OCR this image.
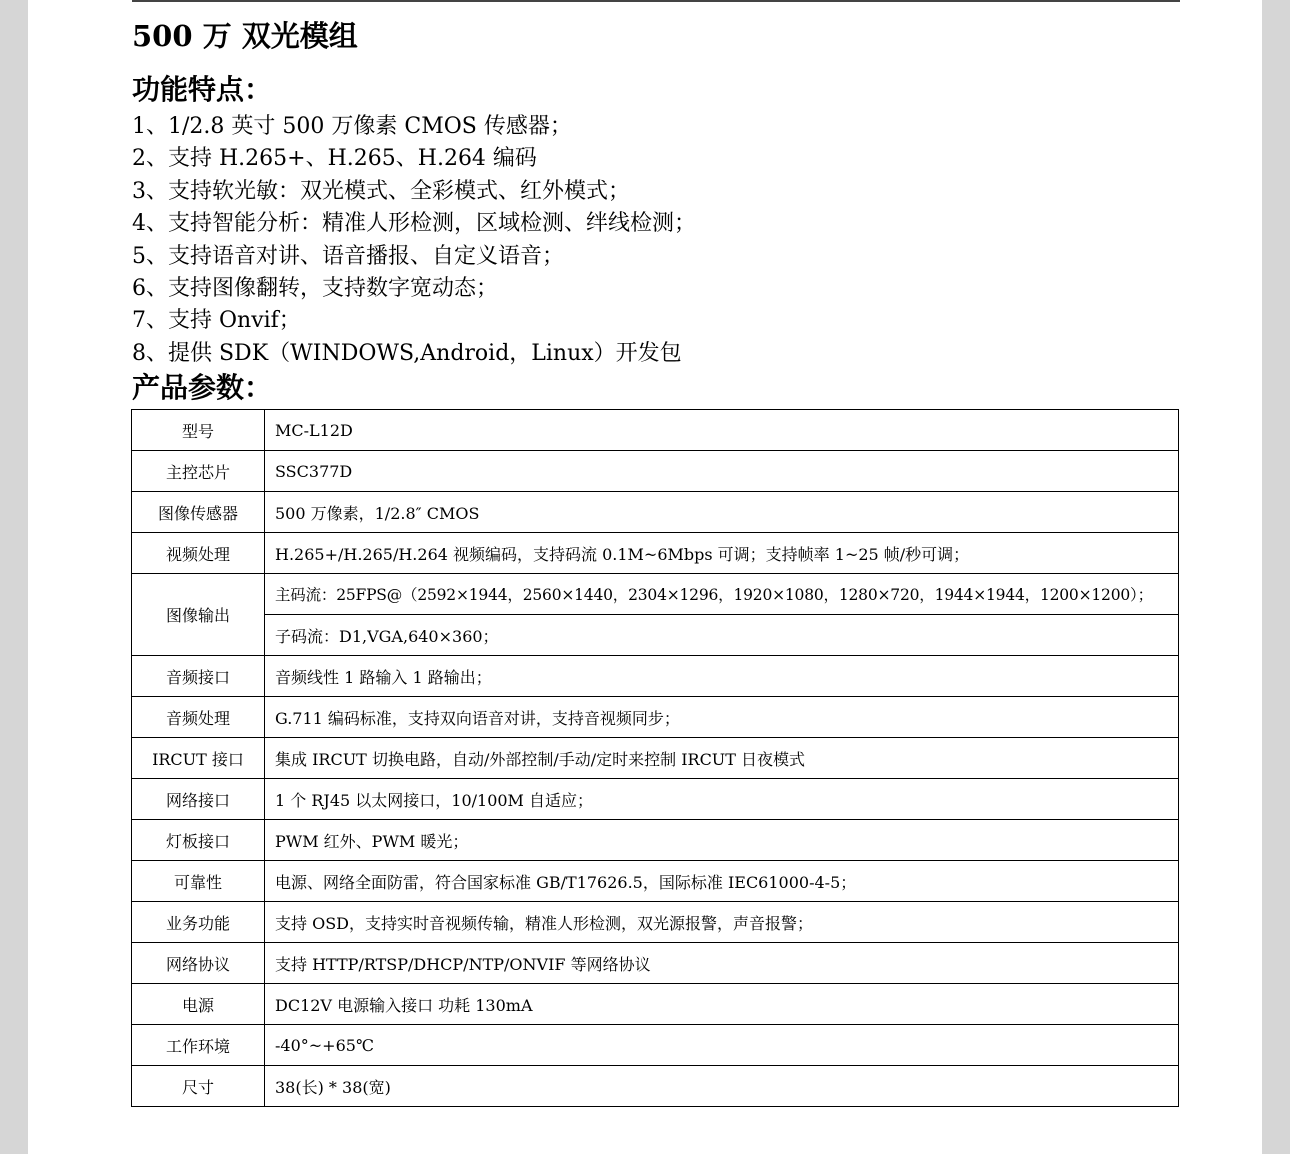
500 万 双光模组
功能特点：
1、1/2.8 英寸 500 万像素 CMOS 传感器；
2、支持 H.265+、H.265、H.264 编码
3、支持软光敏：双光模式、全彩模式、红外模式；
4、支持智能分析：精准人形检测，区域检测、绊线检测；
5、支持语音对讲、语音播报、自定义语音；
6、支持图像翻转，支持数字宽动态；
7、支持 Onvif；
8、提供 SDK（WINDOWS,Android，Linux）开发包
产品参数：
型号	MC-L12D
主控芯片	SSC377D
图像传感器	500 万像素，1/2.8″ CMOS
视频处理	H.265+/H.265/H.264 视频编码，支持码流 0.1M~6Mbps 可调；支持帧率 1~25 帧/秒可调；
图像输出	主码流：25FPS@（2592×1944，2560×1440，2304×1296，1920×1080，1280×720，1944×1944，1200×1200）；
	子码流：D1,VGA,640×360；
音频接口	音频线性 1 路输入 1 路输出；
音频处理	G.711 编码标准，支持双向语音对讲，支持音视频同步；
IRCUT 接口	集成 IRCUT 切换电路，自动/外部控制/手动/定时来控制 IRCUT 日夜模式
网络接口	1 个 RJ45 以太网接口，10/100M 自适应；
灯板接口	PWM 红外、PWM 暖光；
可靠性	电源、网络全面防雷，符合国家标准 GB/T17626.5，国际标准 IEC61000-4-5；
业务功能	支持 OSD，支持实时音视频传输，精准人形检测，双光源报警，声音报警；
网络协议	支持 HTTP/RTSP/DHCP/NTP/ONVIF 等网络协议
电源	DC12V 电源输入接口 功耗 130mA
工作环境	-40°~+65℃
尺寸	38(长) * 38(宽)
